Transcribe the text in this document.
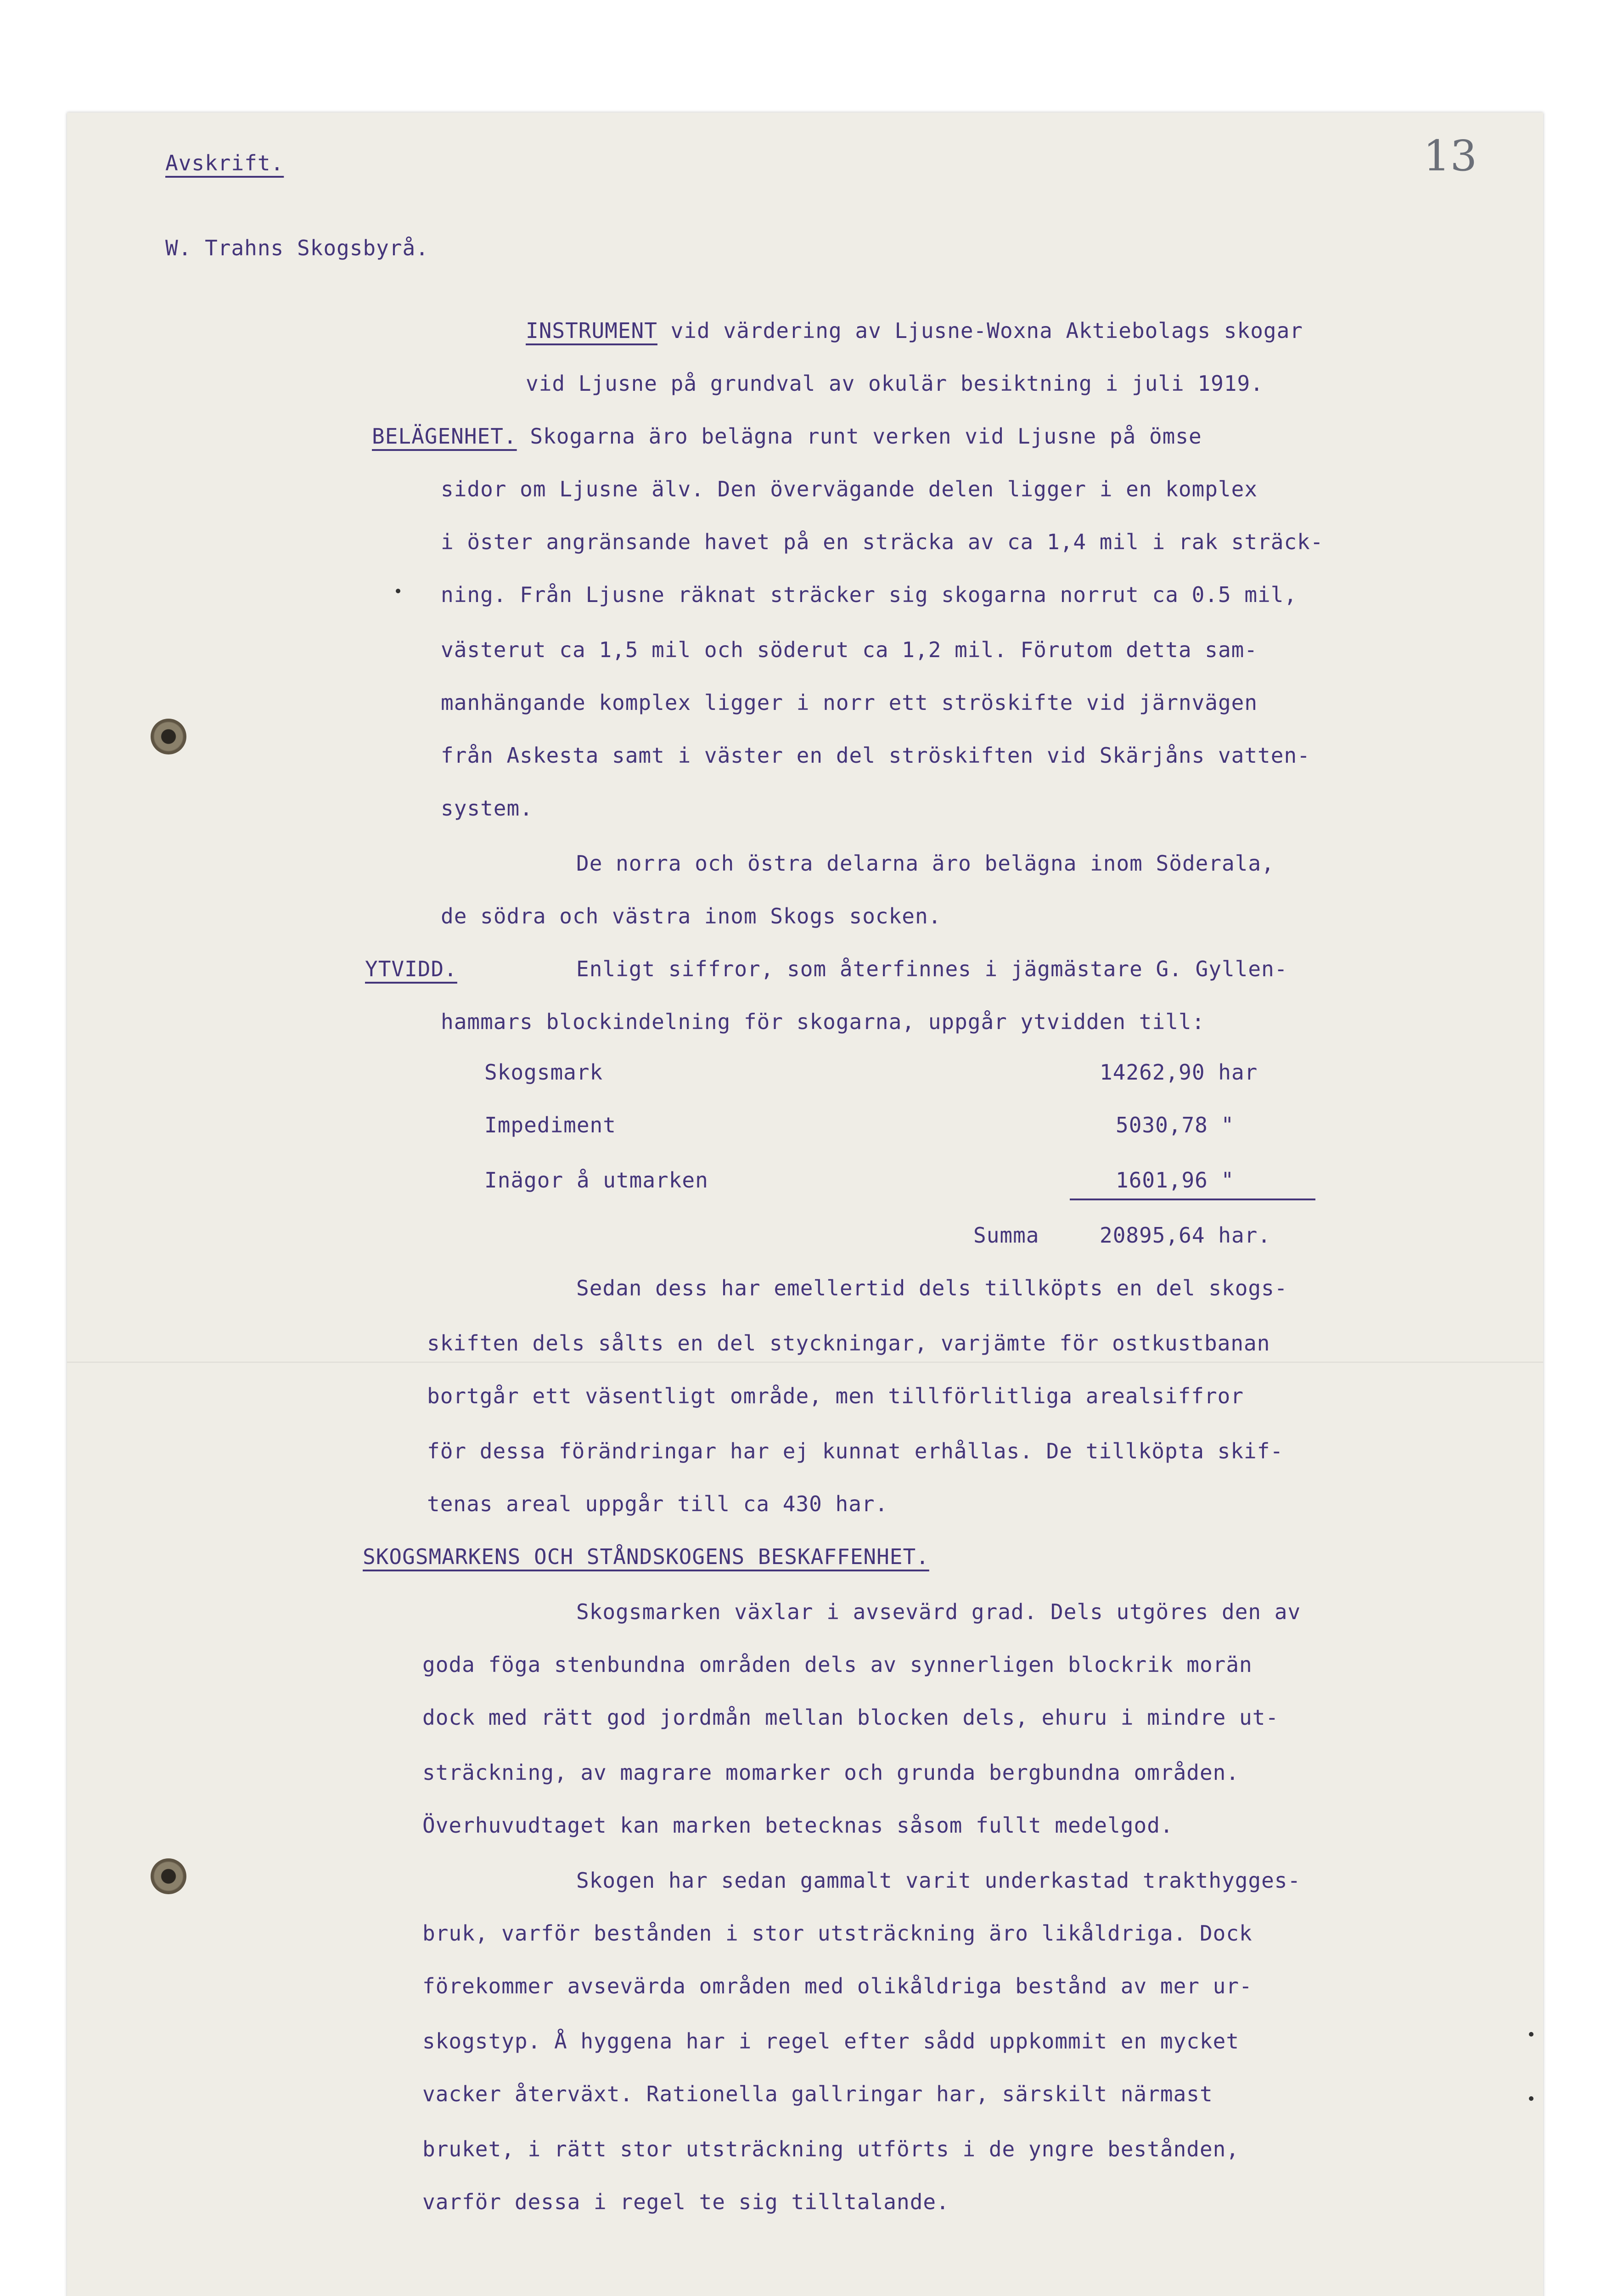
13
Avskrift.
W. Trahns Skogsbyrå.
INSTRUMENT vid värdering av Ljusne-Woxna Aktiebolags skogar
vid Ljusne på grundval av okulär besiktning i juli 1919.
BELÄGENHET. Skogarna äro belägna runt verken vid Ljusne på ömse
sidor om Ljusne älv. Den övervägande delen ligger i en komplex
i öster angränsande havet på en sträcka av ca 1,4 mil i rak sträck-
ning. Från Ljusne räknat sträcker sig skogarna norrut ca 0.5 mil,
västerut ca 1,5 mil och söderut ca 1,2 mil. Förutom detta sam-
manhängande komplex ligger i norr ett ströskifte vid järnvägen
från Askesta samt i väster en del ströskiften vid Skärjåns vatten-
system.
De norra och östra delarna äro belägna inom Söderala,
de södra och västra inom Skogs socken.
YTVIDD.	Enligt siffror, som återfinnes i jägmästare G. Gyllen-
hammars blockindelning för skogarna, uppgår ytvidden till:
Skogsmark	14262,90 har
Impediment	5030,78 "
Inägor å utmarken	1601,96 "
Summa	20895,64 har.
Sedan dess har emellertid dels tillköpts en del skogs-
skiften dels sålts en del styckningar, varjämte för ostkustbanan
bortgår ett väsentligt område, men tillförlitliga arealsiffror
för dessa förändringar har ej kunnat erhållas. De tillköpta skif-
tenas areal uppgår till ca 430 har.
SKOGSMARKENS OCH STÅNDSKOGENS BESKAFFENHET.
Skogsmarken växlar i avsevärd grad. Dels utgöres den av
goda föga stenbundna områden dels av synnerligen blockrik morän
dock med rätt god jordmån mellan blocken dels, ehuru i mindre ut-
sträckning, av magrare momarker och grunda bergbundna områden.
Överhuvudtaget kan marken betecknas såsom fullt medelgod.
Skogen har sedan gammalt varit underkastad trakthygges-
bruk, varför bestånden i stor utsträckning äro likåldriga. Dock
förekommer avsevärda områden med olikåldriga bestånd av mer ur-
skogstyp. Å hyggena har i regel efter sådd uppkommit en mycket
vacker återväxt. Rationella gallringar har, särskilt närmast
bruket, i rätt stor utsträckning utförts i de yngre bestånden,
varför dessa i regel te sig tilltalande.
